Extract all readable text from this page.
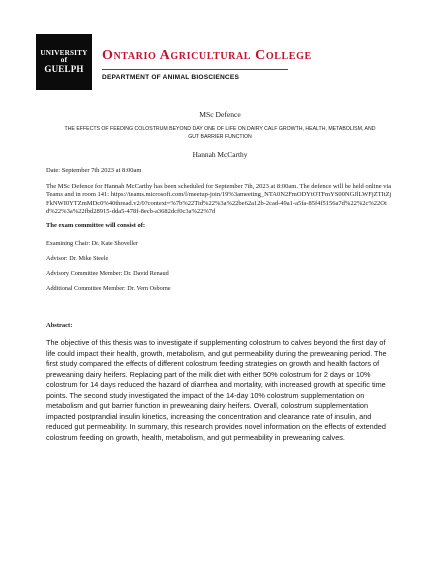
UNIVERSITY
of
GUELPH
Ontario Agricultural College
DEPARTMENT OF ANIMAL BIOSCIENCES
MSc Defence
THE EFFECTS OF FEEDING COLOSTRUM BEYOND DAY ONE OF LIFE ON DAIRY CALF GROWTH, HEALTH, METABOLISM, AND GUT BARRIER FUNCTION
Hannah McCarthy
Date: September 7th 2023 at 8:00am
The MSc Defence for Hannah McCarthy has been scheduled for September 7th, 2023 at 8:00am. The defence will be held online via Teams and in room 141: https://teams.microsoft.com/l/meetup-join/19%3ameeting_NTA0N2FmODYtOTFmYS00NGJlLWFjZTItZjFkNWI0YTZmMDc0%40thread.v2/0?context=%7b%22Tid%22%3a%22be62a12b-2cad-49a1-a5fa-85f4f5156a7d%22%2c%22Oid%22%3a%22fbd28915-dda5-478f-8ecb-a3682dcf0c3a%22%7d
The exam committee will consist of:
Examining Chair: Dr. Kate Shoveller
Advisor: Dr. Mike Steele
Advisory Committee Member: Dr. David Renaud
Additional Committee Member: Dr. Vern Osborne
Abstract:
The objective of this thesis was to investigate if supplementing colostrum to calves beyond the first day of life could impact their health, growth, metabolism, and gut permeability during the preweaning period. The first study compared the effects of different colostrum feeding strategies on growth and health factors of preweaning dairy heifers. Replacing part of the milk diet with either 50% colostrum for 2 days or 10% colostrum for 14 days reduced the hazard of diarrhea and mortality, with increased growth at specific time points. The second study investigated the impact of the 14-day 10% colostrum supplementation on metabolism and gut barrier function in preweaning dairy heifers. Overall, colostrum supplementation impacted postprandial insulin kinetics, increasing the concentration and clearance rate of insulin, and reduced gut permeability. In summary, this research provides novel information on the effects of extended colostrum feeding on growth, health, metabolism, and gut permeability in preweaning calves.
